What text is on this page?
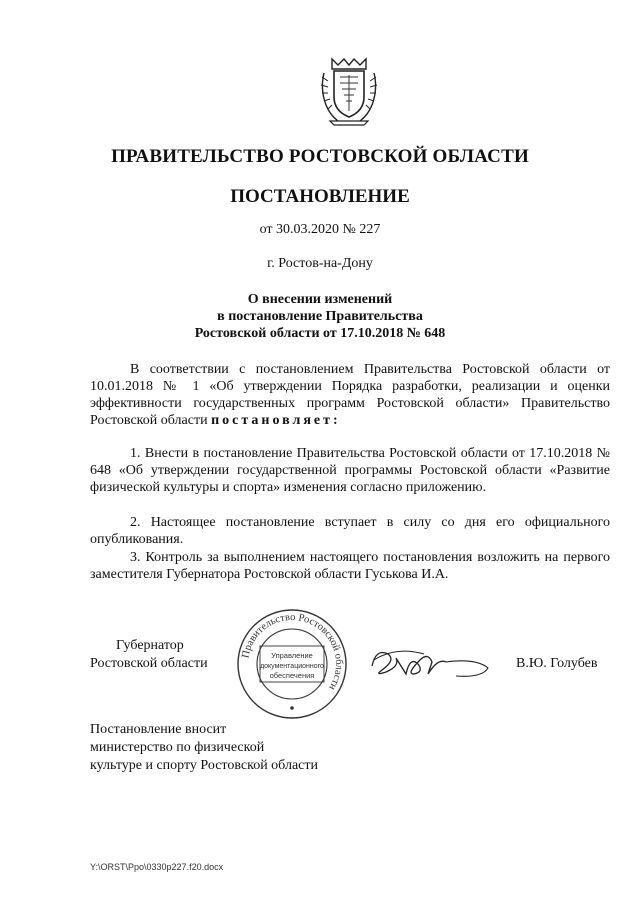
ПРАВИТЕЛЬСТВО РОСТОВСКОЙ ОБЛАСТИ
ПОСТАНОВЛЕНИЕ
от 30.03.2020 № 227
г. Ростов-на-Дону
О внесении изменений
в постановление Правительства
Ростовской области от 17.10.2018 № 648
В соответствии с постановлением Правительства Ростовской области от 10.01.2018 № 1 «Об утверждении Порядка разработки, реализации и оценки эффективности государственных программ Ростовской области» Правительство Ростовской области постановляет:
1. Внести в постановление Правительства Ростовской области от 17.10.2018 № 648 «Об утверждении государственной программы Ростовской области «Развитие физической культуры и спорта» изменения согласно приложению.
2. Настоящее постановление вступает в силу со дня его официального опубликования.
3. Контроль за выполнением настоящего постановления возложить на первого заместителя Губернатора Ростовской области Гуськова И.А.
Губернатор
Ростовской области
Правительство Ростовской области
Управление
документационного
обеспечения
В.Ю. Голубев
Постановление вносит
министерство по физической
культуре и спорту Ростовской области
Y:\ORST\Ppo\0330p227.f20.docx
